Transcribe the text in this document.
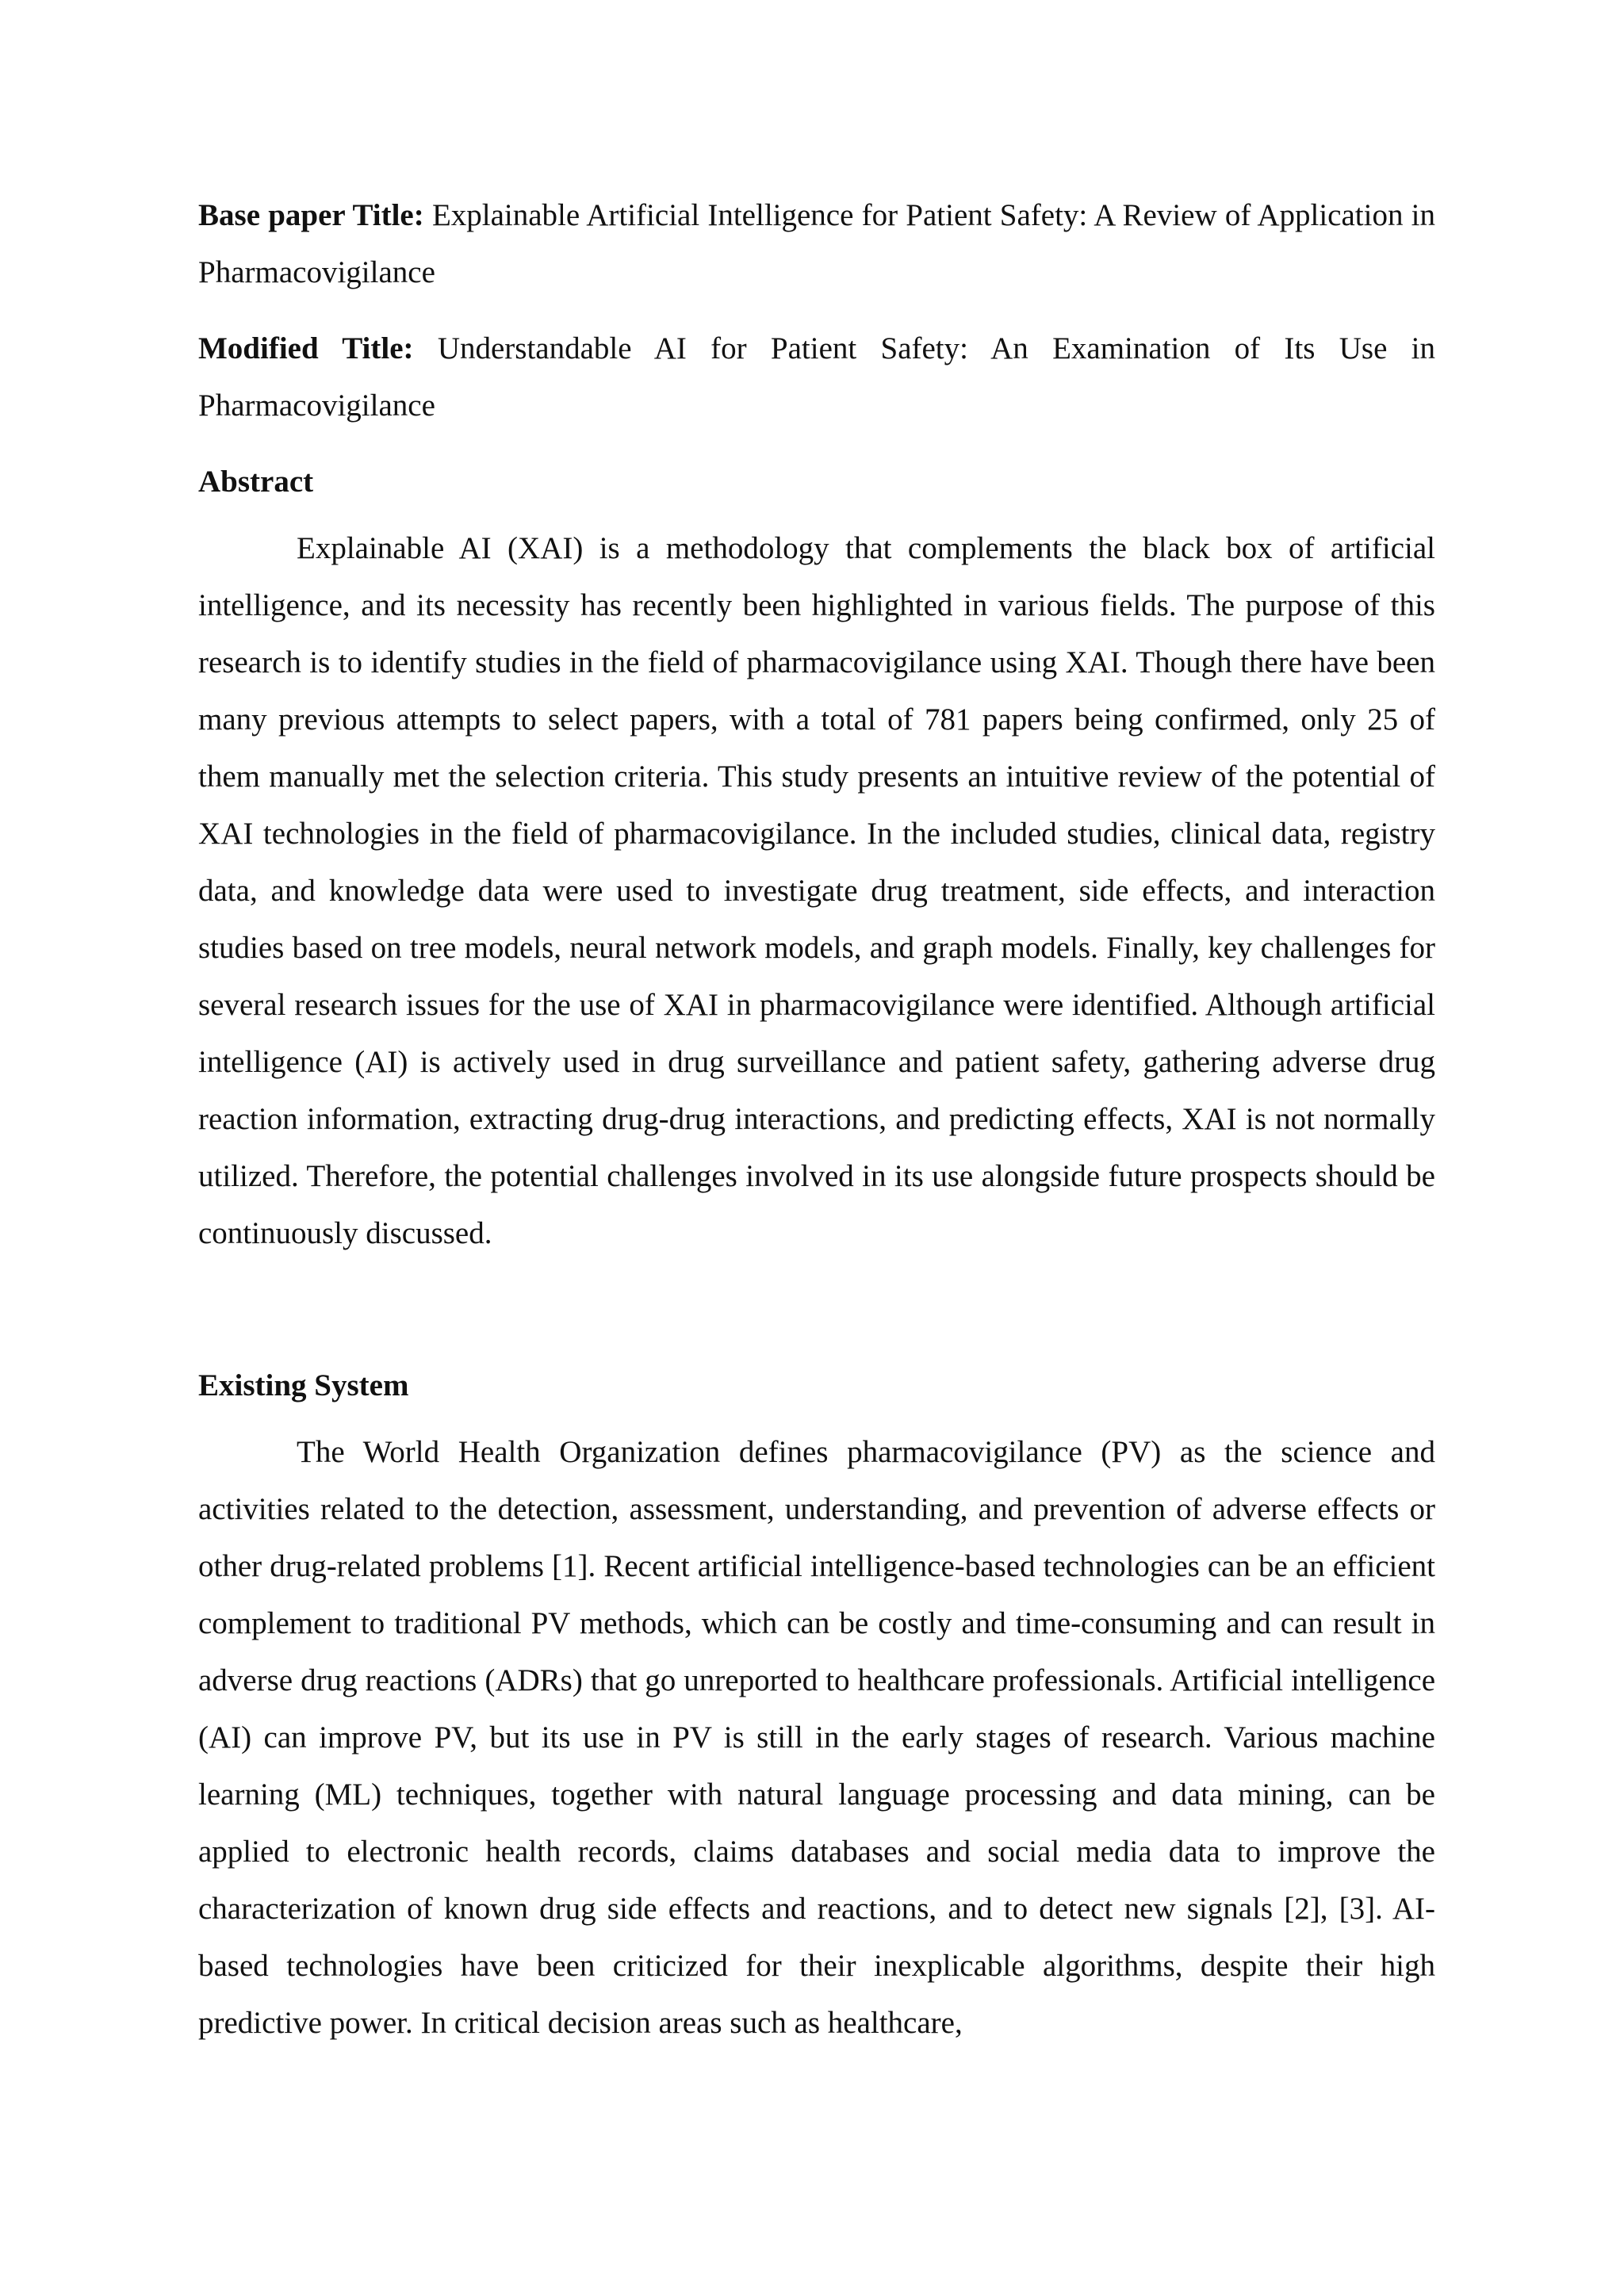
Base paper Title: Explainable Artificial Intelligence for Patient Safety: A Review of Application in Pharmacovigilance

Modified Title: Understandable AI for Patient Safety: An Examination of Its Use in Pharmacovigilance

Abstract

Explainable AI (XAI) is a methodology that complements the black box of artificial intelligence, and its necessity has recently been highlighted in various fields. The purpose of this research is to identify studies in the field of pharmacovigilance using XAI. Though there have been many previous attempts to select papers, with a total of 781 papers being confirmed, only 25 of them manually met the selection criteria. This study presents an intuitive review of the potential of XAI technologies in the field of pharmacovigilance. In the included studies, clinical data, registry data, and knowledge data were used to investigate drug treatment, side effects, and interaction studies based on tree models, neural network models, and graph models. Finally, key challenges for several research issues for the use of XAI in pharmacovigilance were identified. Although artificial intelligence (AI) is actively used in drug surveillance and patient safety, gathering adverse drug reaction information, extracting drug-drug interactions, and predicting effects, XAI is not normally utilized. Therefore, the potential challenges involved in its use alongside future prospects should be continuously discussed.

Existing System

The World Health Organization defines pharmacovigilance (PV) as the science and activities related to the detection, assessment, understanding, and prevention of adverse effects or other drug-related problems [1]. Recent artificial intelligence-based technologies can be an efficient complement to traditional PV methods, which can be costly and time-consuming and can result in adverse drug reactions (ADRs) that go unreported to healthcare professionals. Artificial intelligence (AI) can improve PV, but its use in PV is still in the early stages of research. Various machine learning (ML) techniques, together with natural language processing and data mining, can be applied to electronic health records, claims databases and social media data to improve the characterization of known drug side effects and reactions, and to detect new signals [2], [3]. AI-based technologies have been criticized for their inexplicable algorithms, despite their high predictive power. In critical decision areas such as healthcare,
